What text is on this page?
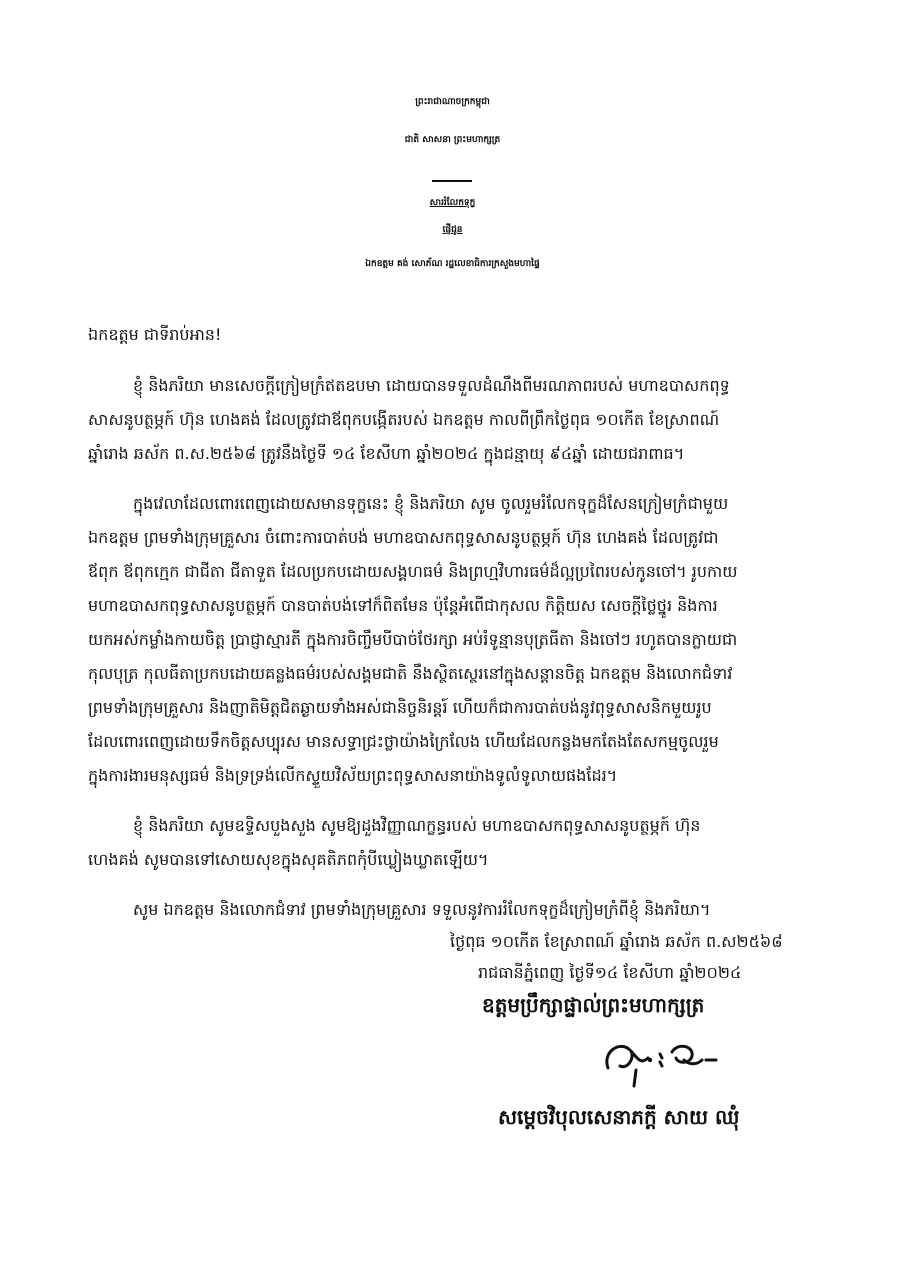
ព្រះរាជាណាចក្រកម្ពុជា
ជាតិ សាសនា ព្រះមហាក្សត្រ
សាររំលែកទុក្ខ
ផ្ញើជូន
ឯកឧត្តម គង់ សោភ័ណ រដ្ឋលេខាធិការក្រសួងមហាផ្ទៃ
ឯកឧត្តម ជាទីរាប់អាន!
ខ្ញុំ និងភរិយា មានសេចក្ដីក្រៀមក្រំឥតឧបមា ដោយបានទទួលដំណឹងពីមរណភាពរបស់ មហាឧបាសកពុទ្ធ
សាសនូបត្ថម្ភក៍ ហ៊ុន ហេងគង់ ដែលត្រូវជាឪពុកបង្កើតរបស់ ឯកឧត្តម កាលពីព្រឹកថ្ងៃពុធ ១០កើត ខែស្រាពណ៍
ឆ្នាំរោង ឆស័ក ព.ស.២៥៦៨ ត្រូវនឹងថ្ងៃទី ១៤ ខែសីហា ឆ្នាំ២០២៤ ក្នុងជន្មាយុ ៩៤ឆ្នាំ ដោយជរាពាធ។
ក្នុងវេលាដែលពោរពេញដោយសមានទុក្ខនេះ ខ្ញុំ និងភរិយា សូម ចូលរួមរំលែកទុក្ខដ៏សែនក្រៀមក្រំជាមួយ
ឯកឧត្តម ព្រមទាំងក្រុមគ្រួសារ ចំពោះការបាត់បង់ មហាឧបាសកពុទ្ធសាសនូបត្ថម្ភក៍ ហ៊ុន ហេងគង់ ដែលត្រូវជា
ឪពុក ឪពុកក្មេក ជាជីតា ជីតាទួត ដែលប្រកបដោយសង្គហធម៌ និងព្រហ្មវិហារធម៌ដ៏ល្អប្រពៃរបស់កូនចៅ។ រូបកាយ
មហាឧបាសកពុទ្ធសាសនូបត្ថម្ភក៍ បានបាត់បង់ទៅក៏ពិតមែន ប៉ុន្តែអំពើជាកុសល កិត្តិយស សេចក្ដីថ្លៃថ្នូរ និងការ
យកអស់កម្លាំងកាយចិត្ត ប្រាជ្ញាស្មារតី ក្នុងការចិញ្ចឹមបីបាច់ថែរក្សា អប់រំទូន្មានបុត្រធីតា និងចៅៗ រហូតបានក្លាយជា
កុលបុត្រ កុលធីតាប្រកបដោយគន្លងធម៌របស់សង្គមជាតិ នឹងស្ថិតស្ថេរនៅក្នុងសន្តានចិត្ត ឯកឧត្តម និងលោកជំទាវ
ព្រមទាំងក្រុមគ្រួសារ និងញាតិមិត្តជិតឆ្ងាយទាំងអស់ជានិច្ចនិរន្តរ៍ ហើយក៏ជាការបាត់បង់នូវពុទ្ធសាសនិកមួយរូប
ដែលពោរពេញដោយទឹកចិត្តសប្បុរស មានសទ្ធាជ្រះថ្លាយ៉ាងក្រៃលែង ហើយដែលកន្លងមកតែងតែសកម្មចូលរួម
ក្នុងការងារមនុស្សធម៌ និងទ្រទ្រង់លើកស្ទួយវិស័យព្រះពុទ្ធសាសនាយ៉ាងទូលំទូលាយផងដែរ។
ខ្ញុំ និងភរិយា សូមឧទ្ទិសបួងសួង សូមឱ្យដួងវិញ្ញាណក្ខន្ធរបស់ មហាឧបាសកពុទ្ធសាសនូបត្ថម្ភក៍ ហ៊ុន
ហេងគង់ សូមបានទៅសោយសុខក្នុងសុគតិភពកុំបីឃ្លៀងឃ្លាតឡើយ។
សូម ឯកឧត្តម និងលោកជំទាវ ព្រមទាំងក្រុមគ្រួសារ ទទួលនូវការរំលែកទុក្ខដ៏ក្រៀមក្រំពីខ្ញុំ និងភរិយា។
ថ្ងៃពុធ ១០កើត ខែស្រាពណ៍ ឆ្នាំរោង ឆស័ក ព.ស២៥៦៨
រាជធានីភ្នំពេញ ថ្ងៃទី១៤ ខែសីហា ឆ្នាំ២០២៤
ឧត្តមប្រឹក្សាផ្ទាល់ព្រះមហាក្សត្រ
សម្ដេចវិបុលសេនាភក្ដី សាយ ឈុំ
